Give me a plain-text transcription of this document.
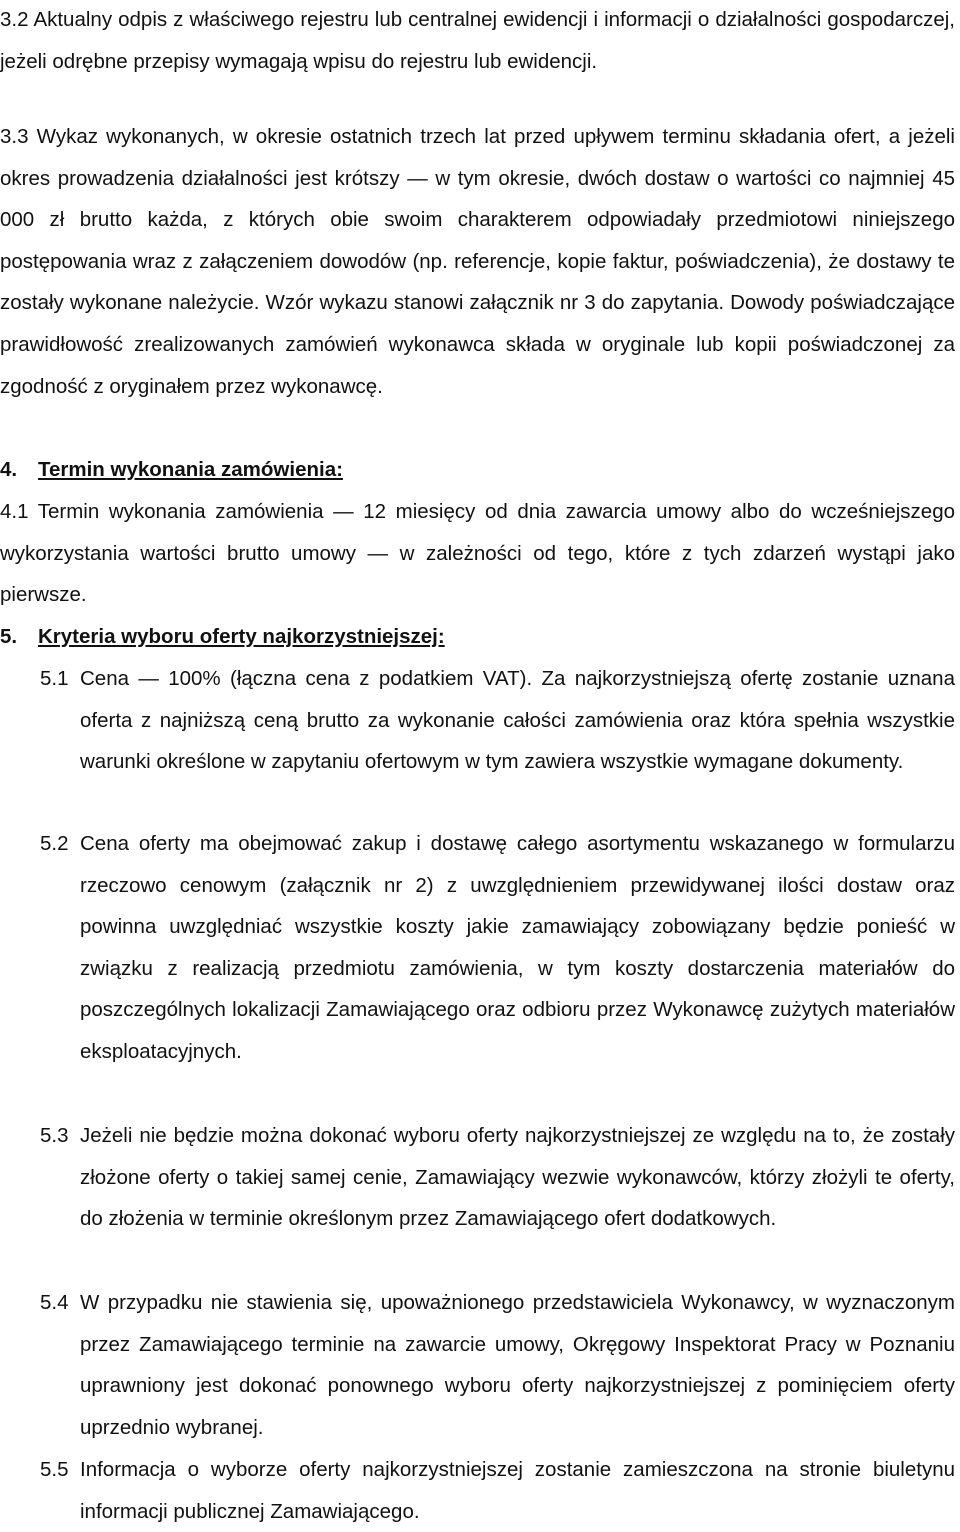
3.2 Aktualny odpis z właściwego rejestru lub centralnej ewidencji i informacji o działalności gospodarczej, jeżeli odrębne przepisy wymagają wpisu do rejestru lub ewidencji.
3.3 Wykaz wykonanych, w okresie ostatnich trzech lat przed upływem terminu składania ofert, a jeżeli okres prowadzenia działalności jest krótszy — w tym okresie, dwóch dostaw o wartości co najmniej 45 000 zł brutto każda, z których obie swoim charakterem odpowiadały przedmiotowi niniejszego postępowania wraz z załączeniem dowodów (np. referencje, kopie faktur, poświadczenia), że dostawy te zostały wykonane należycie. Wzór wykazu stanowi załącznik nr 3 do zapytania. Dowody poświadczające prawidłowość zrealizowanych zamówień wykonawca składa w oryginale lub kopii poświadczonej za zgodność z oryginałem przez wykonawcę.
4. Termin wykonania zamówienia:
4.1 Termin wykonania zamówienia — 12 miesięcy od dnia zawarcia umowy albo do wcześniejszego wykorzystania wartości brutto umowy — w zależności od tego, które z tych zdarzeń wystąpi jako pierwsze.
5. Kryteria wyboru oferty najkorzystniejszej:
5.1 Cena — 100% (łączna cena z podatkiem VAT). Za najkorzystniejszą ofertę zostanie uznana oferta z najniższą ceną brutto za wykonanie całości zamówienia oraz która spełnia wszystkie warunki określone w zapytaniu ofertowym w tym zawiera wszystkie wymagane dokumenty.
5.2 Cena oferty ma obejmować zakup i dostawę całego asortymentu wskazanego w formularzu rzeczowo cenowym (załącznik nr 2) z uwzględnieniem przewidywanej ilości dostaw oraz powinna uwzględniać wszystkie koszty jakie zamawiający zobowiązany będzie ponieść w związku z realizacją przedmiotu zamówienia, w tym koszty dostarczenia materiałów do poszczególnych lokalizacji Zamawiającego oraz odbioru przez Wykonawcę zużytych materiałów eksploatacyjnych.
5.3 Jeżeli nie będzie można dokonać wyboru oferty najkorzystniejszej ze względu na to, że zostały złożone oferty o takiej samej cenie, Zamawiający wezwie wykonawców, którzy złożyli te oferty, do złożenia w terminie określonym przez Zamawiającego ofert dodatkowych.
5.4 W przypadku nie stawienia się, upoważnionego przedstawiciela Wykonawcy, w wyznaczonym przez Zamawiającego terminie na zawarcie umowy, Okręgowy Inspektorat Pracy w Poznaniu uprawniony jest dokonać ponownego wyboru oferty najkorzystniejszej z pominięciem oferty uprzednio wybranej.
5.5 Informacja o wyborze oferty najkorzystniejszej zostanie zamieszczona na stronie biuletynu informacji publicznej Zamawiającego.
